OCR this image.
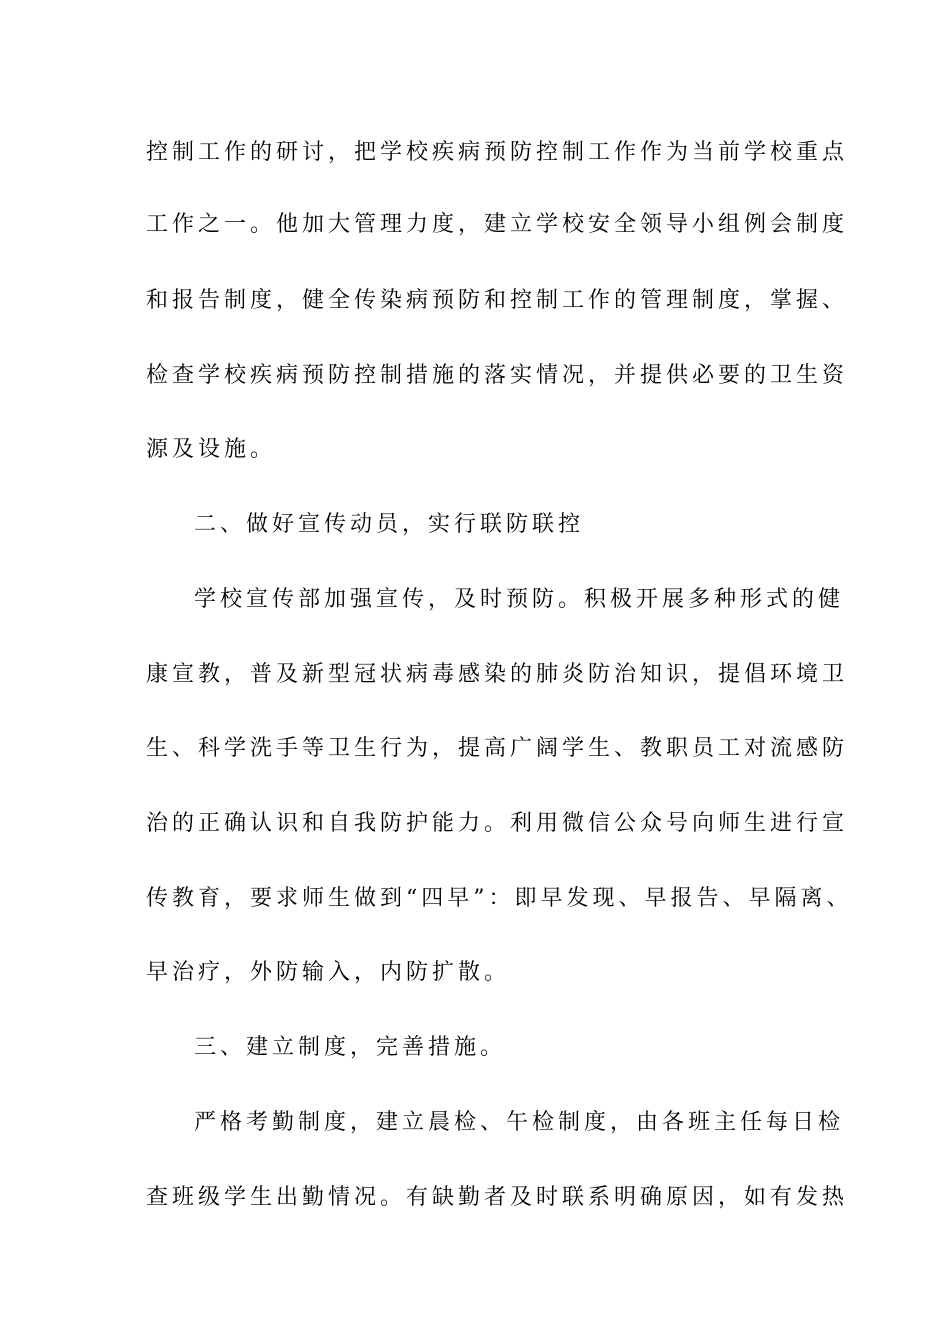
控制工作的研讨，把学校疾病预防控制工作作为当前学校重点
工作之一。他加大管理力度，建立学校安全领导小组例会制度
和报告制度，健全传染病预防和控制工作的管理制度，掌握、
检查学校疾病预防控制措施的落实情况，并提供必要的卫生资
源及设施。
二、做好宣传动员，实行联防联控
学校宣传部加强宣传，及时预防。积极开展多种形式的健
康宣教，普及新型冠状病毒感染的肺炎防治知识，提倡环境卫
生、科学洗手等卫生行为，提高广阔学生、教职员工对流感防
治的正确认识和自我防护能力。利用微信公众号向师生进行宣
传教育，要求师生做到“四早”：即早发现、早报告、早隔离、
早治疗，外防输入，内防扩散。
三、建立制度，完善措施。
严格考勤制度，建立晨检、午检制度，由各班主任每日检
查班级学生出勤情况。有缺勤者及时联系明确原因，如有发热
